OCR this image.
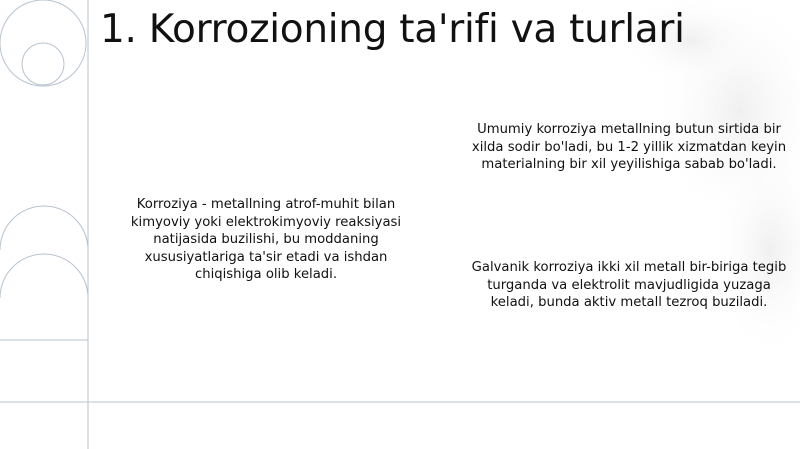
1. Korrozioning ta'rifi va turlari
Korroziya - metallning atrof-muhit bilan kimyoviy yoki elektrokimyoviy reaksiyasi natijasida buzilishi, bu moddaning xususiyatlariga ta'sir etadi va ishdan chiqishiga olib keladi.
Umumiy korroziya metallning butun sirtida bir xilda sodir bo'ladi, bu 1-2 yillik xizmatdan keyin materialning bir xil yeyilishiga sabab bo'ladi.
Galvanik korroziya ikki xil metall bir-biriga tegib turganda va elektrolit mavjudligida yuzaga keladi, bunda aktiv metall tezroq buziladi.
